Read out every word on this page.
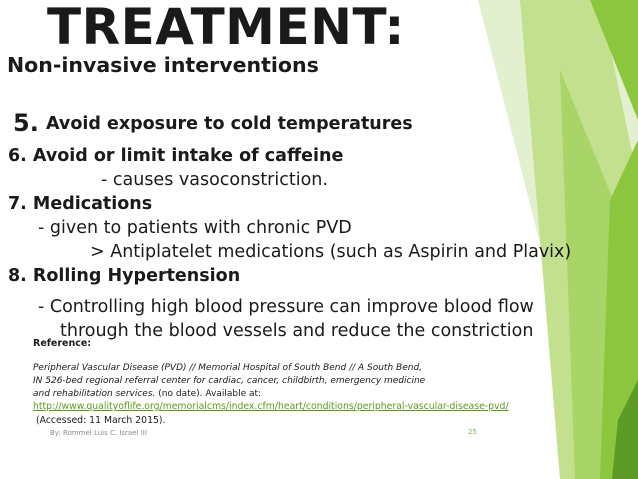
TREATMENT:
Non-invasive interventions
5. Avoid exposure to cold temperatures
6. Avoid or limit intake of caffeine
- causes vasoconstriction.
7. Medications
- given to patients with chronic PVD
> Antiplatelet medications (such as Aspirin and Plavix)
8. Rolling Hypertension
- Controlling high blood pressure can improve blood flow
through the blood vessels and reduce the constriction
Reference:
Peripheral Vascular Disease (PVD) // Memorial Hospital of South Bend // A South Bend,
IN 526-bed regional referral center for cardiac, cancer, childbirth, emergency medicine
and rehabilitation services. (no date). Available at:
http://www.qualityoflife.org/memorialcms/index.cfm/heart/conditions/peripheral-vascular-disease-pvd/
(Accessed: 11 March 2015).
By: Rommel Luis C. Israel III	25
